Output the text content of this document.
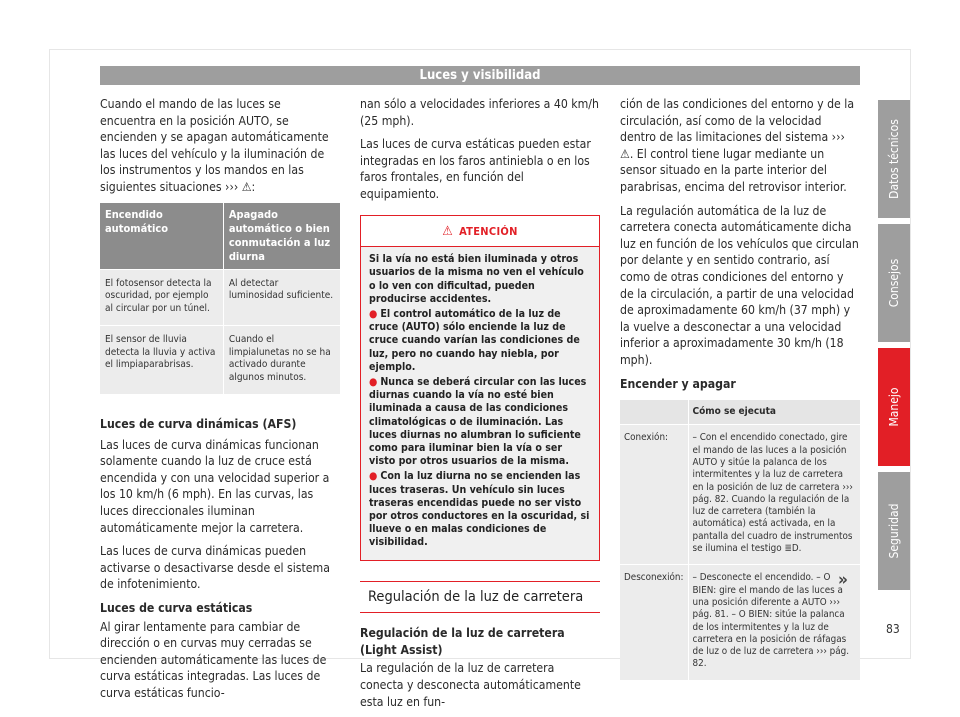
Luces y visibilidad

Cuando el mando de las luces se encuentra en la posición AUTO, se encienden y se apagan automáticamente las luces del vehículo y la iluminación de los instrumentos y los mandos en las siguientes situaciones ››› ⚠:

Encendido automático	Apagado automático o bien conmutación a luz diurna
El fotosensor detecta la oscuridad, por ejemplo al circular por un túnel.	Al detectar luminosidad suficiente.
El sensor de lluvia detecta la lluvia y activa el limpiaparabrisas.	Cuando el limpialunetas no se ha activado durante algunos minutos.
Luces de curva dinámicas (AFS)

Las luces de curva dinámicas funcionan solamente cuando la luz de cruce está encendida y con una velocidad superior a los 10 km/h (6 mph). En las curvas, las luces direccionales iluminan automáticamente mejor la carretera.

Las luces de curva dinámicas pueden activarse o desactivarse desde el sistema de infotenimiento.

Luces de curva estáticas

Al girar lentamente para cambiar de dirección o en curvas muy cerradas se encienden automáticamente las luces de curva estáticas integradas. Las luces de curva estáticas funcio-

nan sólo a velocidades inferiores a 40 km/h (25 mph).

Las luces de curva estáticas pueden estar integradas en los faros antiniebla o en los faros frontales, en función del equipamiento.

⚠ ATENCIÓN

Si la vía no está bien iluminada y otros usuarios de la misma no ven el vehículo o lo ven con dificultad, pueden producirse accidentes.

● El control automático de la luz de cruce (AUTO) sólo enciende la luz de cruce cuando varían las condiciones de luz, pero no cuando hay niebla, por ejemplo.

● Nunca se deberá circular con las luces diurnas cuando la vía no esté bien iluminada a causa de las condiciones climatológicas o de iluminación. Las luces diurnas no alumbran lo suficiente como para iluminar bien la vía o ser visto por otros usuarios de la misma.

● Con la luz diurna no se encienden las luces traseras. Un vehículo sin luces traseras encendidas puede no ser visto por otros conductores en la oscuridad, si llueve o en malas condiciones de visibilidad.

Regulación de la luz de carretera

Regulación de la luz de carretera (Light Assist)

La regulación de la luz de carretera conecta y desconecta automáticamente esta luz en fun-

ción de las condiciones del entorno y de la circulación, así como de la velocidad dentro de las limitaciones del sistema ››› ⚠. El control tiene lugar mediante un sensor situado en la parte interior del parabrisas, encima del retrovisor interior.

La regulación automática de la luz de carretera conecta automáticamente dicha luz en función de los vehículos que circulan por delante y en sentido contrario, así como de otras condiciones del entorno y de la circulación, a partir de una velocidad de aproximadamente 60 km/h (37 mph) y la vuelve a desconectar a una velocidad inferior a aproximadamente 30 km/h (18 mph).

Encender y apagar

	Cómo se ejecuta
Conexión:	– Con el encendido conectado, gire el mando de las luces a la posición AUTO y sitúe la palanca de los intermitentes y la luz de carretera en la posición de luz de carretera ››› pág. 82. Cuando la regulación de la luz de carretera (también la automática) está activada, en la pantalla del cuadro de instrumentos se ilumina el testigo ≣D.
Desconexión:	– Desconecte el encendido. – O BIEN: gire el mando de las luces a una posición diferente a AUTO ››› pág. 81. – O BIEN: sitúe la palanca de los intermitentes y la luz de carretera en la posición de ráfagas de luz o de luz de carretera ››› pág. 82.
»
Datos técnicos
Consejos
Manejo
Seguridad
83
